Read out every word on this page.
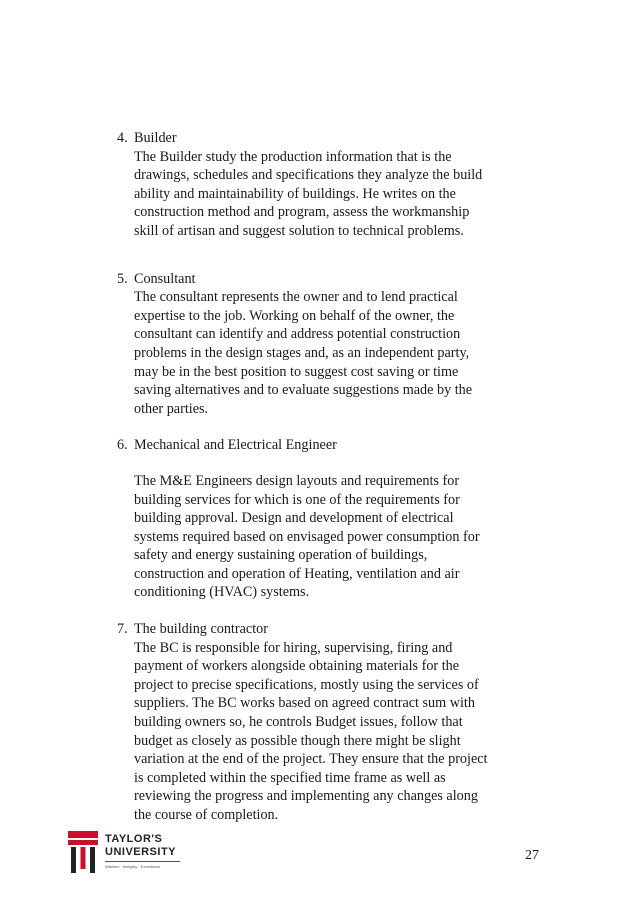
4. Builder

The Builder study the production information that is the

drawings, schedules and specifications they analyze the build

ability and maintainability of buildings. He writes on the

construction method and program, assess the workmanship

skill of artisan and suggest solution to technical problems.

5. Consultant

The consultant represents the owner and to lend practical

expertise to the job. Working on behalf of the owner, the

consultant can identify and address potential construction

problems in the design stages and, as an independent party,

may be in the best position to suggest cost saving or time

saving alternatives and to evaluate suggestions made by the

other parties.

6. Mechanical and Electrical Engineer

The M&E Engineers design layouts and requirements for

building services for which is one of the requirements for

building approval. Design and development of electrical

systems required based on envisaged power consumption for

safety and energy sustaining operation of buildings,

construction and operation of Heating, ventilation and air

conditioning (HVAC) systems.

7. The building contractor

The BC is responsible for hiring, supervising, firing and

payment of workers alongside obtaining materials for the

project to precise specifications, mostly using the services of

suppliers. The BC works based on agreed contract sum with

building owners so, he controls Budget issues, follow that

budget as closely as possible though there might be slight

variation at the end of the project. They ensure that the project

is completed within the specified time frame as well as

reviewing the progress and implementing any changes along

the course of completion.

TAYLOR'S
UNIVERSITY
Wisdom · Integrity · Excellence
27
